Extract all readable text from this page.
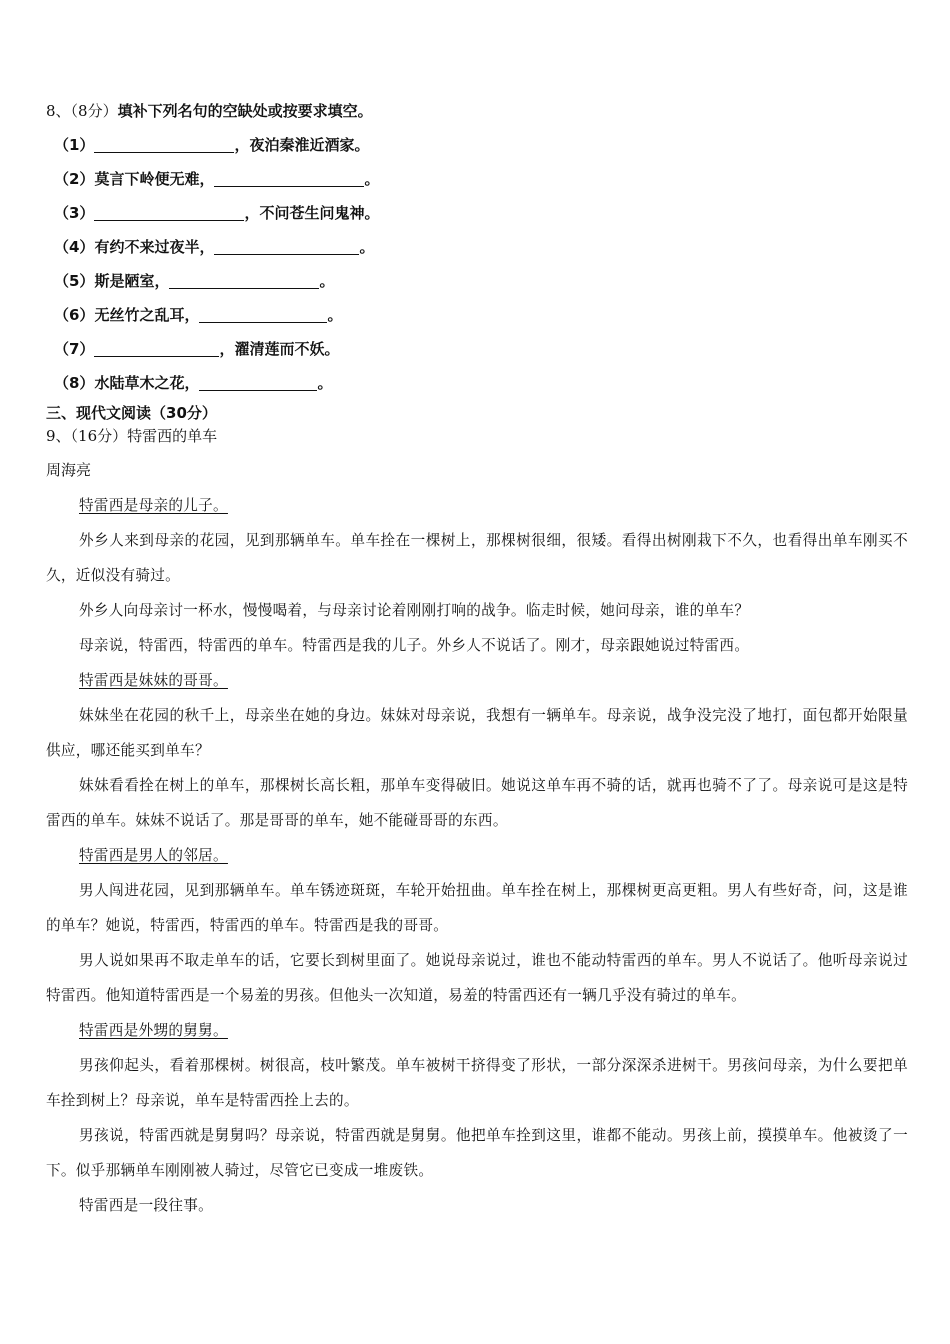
8、（8分）填补下列名句的空缺处或按要求填空。
（1）	，夜泊秦淮近酒家。
（2）莫言下岭便无难，	。
（3）	，不问苍生问鬼神。
（4）有约不来过夜半，	。
（5）斯是陋室，	。
（6）无丝竹之乱耳，	。
（7）	，濯清莲而不妖。
（8）水陆草木之花，	。
三、现代文阅读（30分）
9、（16分）特雷西的单车
周海亮

特雷西是母亲的儿子。

外乡人来到母亲的花园，见到那辆单车。单车拴在一棵树上，那棵树很细，很矮。看得出树刚栽下不久，也看得出单车刚买不久，近似没有骑过。

外乡人向母亲讨一杯水，慢慢喝着，与母亲讨论着刚刚打响的战争。临走时候，她问母亲，谁的单车？

母亲说，特雷西，特雷西的单车。特雷西是我的儿子。外乡人不说话了。刚才，母亲跟她说过特雷西。

特雷西是妹妹的哥哥。

妹妹坐在花园的秋千上，母亲坐在她的身边。妹妹对母亲说，我想有一辆单车。母亲说，战争没完没了地打，面包都开始限量供应，哪还能买到单车？

妹妹看看拴在树上的单车，那棵树长高长粗，那单车变得破旧。她说这单车再不骑的话，就再也骑不了了。母亲说可是这是特雷西的单车。妹妹不说话了。那是哥哥的单车，她不能碰哥哥的东西。

特雷西是男人的邻居。

男人闯进花园，见到那辆单车。单车锈迹斑斑，车轮开始扭曲。单车拴在树上，那棵树更高更粗。男人有些好奇，问，这是谁的单车？她说，特雷西，特雷西的单车。特雷西是我的哥哥。

男人说如果再不取走单车的话，它要长到树里面了。她说母亲说过，谁也不能动特雷西的单车。男人不说话了。他听母亲说过特雷西。他知道特雷西是一个易羞的男孩。但他头一次知道，易羞的特雷西还有一辆几乎没有骑过的单车。

特雷西是外甥的舅舅。

男孩仰起头，看着那棵树。树很高，枝叶繁茂。单车被树干挤得变了形状，一部分深深杀进树干。男孩问母亲，为什么要把单车拴到树上？母亲说，单车是特雷西拴上去的。

男孩说，特雷西就是舅舅吗？母亲说，特雷西就是舅舅。他把单车拴到这里，谁都不能动。男孩上前，摸摸单车。他被烫了一下。似乎那辆单车刚刚被人骑过，尽管它已变成一堆废铁。

特雷西是一段往事。
